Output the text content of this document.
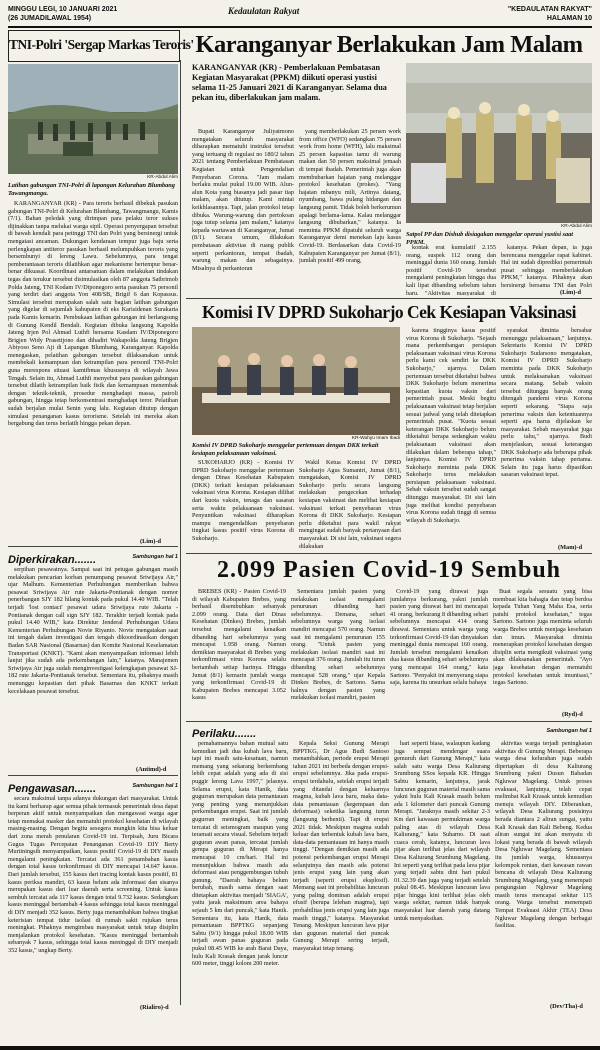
MINGGU LEGI, 10 JANUARI 2021
(26 JUMADILAWAL 1954)
Kedaulatan Rakyat	"KEDAULATAN RAKYAT"
HALAMAN 10
TNI-Polri 'Sergap Markas Teroris'
KR-Abdul Alim
Latihan gabungan TNI-Polri di lapangan Kelurahan Blumbang Tawangmangu.

KARANGANYAR (KR) - Para teroris berhasil dibekuk pasukan gabungan TNI-Polri di Kelurahan Blumbang, Tawangmangu, Kamis (7/1). Bahan peledak yang dirimpan para pelaku teror sukses dijinakkan tanpa melukai warga sipil. Operasi penyergapan tersebut di bawah kendali para petinggi TNI dan Polri yang bersinergi untuk mengatasi ancaman. Dukungan kendaraan tempur juga baju serta perlengkapan antiteror pasukan berhasil melumpuhkan teroris yang bersembunyi di lereng Lawu. Sebelumnya, para tengat pemberantasan teroris dilatihkan agar mekanisme bertempur benar-benar dikuasai. Koordinasi antarsatuan dalam melakukan tindakan tegas dan terukur tersebut disimulasikan oleh 87 anggota Satbrimob Polda Jateng, TNI Kodam IV/Diponegoro serta pasukan 75 personil yang terdiri dari anggota Yon 408/SB, Brigif 6 dan Kopassus. Simulasi tersebut merupakan salah satu bagian latihan gabungan yang digelar di sejumlah kabupaten di eks Karisidenan Surakarta pada Kamis kemarin. Pembukaan latihan gabungan ini berlangsung di Gunung Kendil Bendali. Kegiatan dibuka langsung Kapolda Jateng Irjen Pol Ahmad Luthfi bersama Kasdam IV/Diponegoro Brigjen Widy Prasetijono dan dihadiri Wakapolda Jateng Brigjen Abiyoso Seno Aji di Lapangan Blumbang, Karanganyar. Kapolda menegaskan, pelatihan gabungan tersebut dilaksanakan untuk membekali kemampuan dan ketrampilan para personil TNI-Polri guna merespons situasi kamtibmas khususnya di wilayah Jawa Tengah. Selain itu, Ahmad Luthfi menyebut para pasukan gabungan tersebut dilatih ketrampilan baik fisik dan kemampuan menembak dengan teknik-teknik, prosedur menghadapi massa, patroli gabungan, hingga tetap berkonsentrasi menghadapi teror. Pelatihan sudah berjalan mulai Senin yang lalu. Kegiatan ditutup dengan simulasi penanganan kasus terorisme. Setelah ini mereka akan bergabung dan terus berlatih hingga pekan depan.

(Lim)-d
Diperkirakan.......	Sambungan hal 1

serpihan pesawatnya. Sampai saat ini petugas gabungan masih melakukan pencarian korban penumpang pesawat Sriwijaya Air," ujar Malhum. Kementerian Perhubungan memberikan bahwa pesawat Sriwijaya Air rute Jakarta-Pontianak dengan nomor penerbangan SJY 182 hilang kontak pada pukul 14.40 WIB. "Telah terjadi 'lost contact' pesawat udara Sriwijaya rute Jakarta - Pontianak dengan call sign SJY 182. Terakhir terjadi kontak pada pukul 14.40 WIB," kata Direktur Jenderal Perhubungan Udara Kementerian Perhubungan Novie Riyanto. Novie mengatakan saat ini tengah dalam investigasi dan tengah dikoordinasikan dengan Badan SAR Nasional (Basarnas) dan Komite Nasional Keselamatan Transportasi (KNKT). "Kami akan menyampaikan informasi lebih lanjut jika sudah ada perkembangan lain," katanya. Manajemen Sriwijaya Air juga sudah menginvestigasi kelengkapan pesawat SJ-182 rute Jakarta-Pontianak tersebut. Sementara itu, pihaknya masih menunggu kepastian dari pihak Basarnas dan KNKT terkait kecelakaan pesawat tersebut.

(Antimd)-d
Pengawasan.......	Sambungan hal 1

secara maksimal tanpa adanya dukungan dari masyarakat. Untuk itu kami berharap agar semua pihak termasuk pemerintah desa dapat berperan aktif untuk menyampaikan dan mengawasi warga agar tetap memakai masker dan mematuhi protokol kesehatan di wilayah masing-masing. Dengan begitu sesegera mungkin kita bisa keluar dari zona merah penularan Covid-19 ini. Terpisah, Juru Bicara Gugus Tugas Percepatan Penanganan Covid-19 DIY Berty Murtiningsih menyampaikan, kasus positif Covid-19 di DIY masih mengalami peningkatan. Tercatat ada 361 penambahan kasus dengan total kasus terkonfirmasi di DIY mencapai 14.647 kasus. Dari jumlah tersebut, 155 kasus dari tracing kontak kasus positif, 81 kasus periksa mandiri, 63 kasus belum ada informasi dan sisanya merupakan kasus dari luar daerah serta screening. Untuk kasus sembuh tercatat ada 117 kasus dengan total 9.732 kasus. Sedangkan kasus meninggal bertambah 4 kasus sehingga total kasus meninggal di DIY menjadi 352 kasus. Berty juga menambahkan bahwa tingkat keterisian tempat tidur isolasi di rumah sakit rujukan terus meningkat. Pihaknya mengimbau masyarakat untuk tetap disiplin menjalankan protokol kesehatan. "Kasus meninggal bertambah sebanyak 7 kasus, sehingga total kasus meninggal di DIY menjadi 352 kasus," ungkap Berty.

(Rialiro)-d
Karanganyar Berlakukan Jam Malam
KARANGANYAR (KR) - Pemberlakuan Pembatasan Kegiatan Masyarakat (PPKM) diikuti operasi yustisi selama 11-25 Januari 2021 di Karanganyar. Selama dua pekan itu, diberlakukan jam malam.
KR-Abdul Alim
Satpol PP dan Dishub disiagakan menggelar operasi yustisi saat PPKM.

Bupati Karanganyar Juliyatmono mengatakan seluruh masyarakat diharapkan mematuhi instruksi tersebut yang tertuang di regulasi no 180/2 tahun 2021 tentang Pemberlakuan Pembatasan Kegiatan untuk Pengendalian Penyebaran Corona. "Jam malam berlaku mulai pukul 19.00 WIB. Alun-alun Kota yang biasanya jadi pasar tiap malam, akan ditutup. Kami mintai keikhlasannya. Tapi, jalan protokol tetap dibuka. Warung-warung dan pertokoan juga tutup selama jam malam," katanya kepada wartawan di Karanganyar, Jumat (8/1). Secara umum, dilakukan pembatasan aktivitas di ruang publik seperti perkantoran, tempat ibadah, warung makan dan sebagainya. Misalnya di perkantoran

yang memberlakukan 25 persen work from office (WFO) sedangkan 75 persen work from home (WFH), lalu maksimal 25 persen kapasitas tamu di warung makan dan 50 persen maksimal jemaah di tempat ibadah. Pemerintah juga akan membubarkan hajatan yang melanggar protokol kesehatan (prokes). "Yang hajatan mbanyu mili, Artinya datang, nyumbang, bawa pulang hidangan dan langsung pamit. Tidak boleh berkerumun apalagi berlama-lama. Kalau melanggar langsung dibubarkan," katanya. Ia meminta PPKM dipatuhi seluruh warga Karanganyar demi menekan laju kasus Covid-19. Berdasarkan data Covid-19 Kabupaten Karanganyar per Jumat (8/1), jumlah positif 499 orang,

kontak erat kumulatif 2.155 orang, suspek 112 orang dan meninggal dunia 160 orang. Jumlah positif Covid-19 tersebut mengalami peningkatan hingga dua kali lipat dibanding sebelum tahun baru. "Aktivitas masyarakat di

katanya. Pekan depan, ia juga berencana menggelar rapat kabinet. Hal ini sudah diprediksi pemerintah pusat sehingga memberlakukan PPKM," katanya. Pihaknya akan bersinergi bersama TNI dan Polri

(Lim)-d
Komisi IV DPRD Sukoharjo Cek Kesiapan Vaksinasi
KR-Wahyu Imam Ibadi
Komisi IV DPRD Sukoharjo menggelar pertemuan dengan DKK terkait kesiapan pelaksanaan vaksinasi.

SUKOHARJO (KR) - Komisi IV DPRD Sukoharjo menggelar pertemuan dengan Dinas Kesehatan Kabupaten (DKK) terkait kesiapan pelaksanaan vaksinasi virus Korona. Kesiapan dilihat dari kuota vaksin, tenaga dan sasaran serta waktu pelaksanaan vaksinasi. Penyuntikan vaksinasi diharapkan mampu mengendalikan penyebaran tingkat kasus positif virus Korona di Sukoharjo.

Wakil Ketua Komisi IV DPRD Sukoharjo Agus Sumantri, Jumat (8/1), mengatakan, Komisi IV DPRD Sukoharjo perlu secara langsung melakukan pengecekan terhadap kesiapan vaksinasi dan melihat kesiapan vaksinasi terkait penyebaran virus Korona di DKK Sukoharjo. Kesiapan perlu diketahui para wakil rakyat mengingat sudah banyak pertanyaan dari masyarakat. Di sisi lain, vaksinasi segera dilakukan

karena tingginya kasus positif virus Korona di Sukoharjo. "Sejauh mana perkembangan persiapan pelaksanaan vaksinasi virus Korona perlu kami cek sendiri ke DKK Sukoharjo," ujarnya. Dalam pertemuan tersebut diketahui bahwa DKK Sukoharjo belum menerima kepastian kuota vaksin dari pemerintah pusat. Meski begitu pelaksanaan vaksinasi tetap berjalan sesuai jadwal yang telah ditetapkan pemerintah pusat. "Kuota sesuai keterangan DKK Sukoharjo belum diketahui berapa sedangkan waktu pelaksanaan vaksinasi akan dilakukan dalam beberapa tahap," lanjutnya. Komisi IV DPRD Sukoharjo meminta pada DKK Sukoharjo terus melakukan persiapan pelaksanaan vaksinasi. Sebab vaksin tersebut sudah sangat ditunggu masyarakat. Di sisi lain juga melihat kondisi penyebaran virus Korona sudah tinggi di semua wilayah di Sukoharjo.

syarakat diminta bersabar menunggu pelaksanaan," lanjutnya. Sekretaris Komisi IV DPRD Sukoharjo Sudarsono mengatakan, Komisi IV DPRD Sukoharjo meminta pada DKK Sukoharjo untuk melaksanakan vaksinasi secara matang. Sebab vaksin tersebut ditunggu banyak orang ditengah pandemi virus Korona seperti sekarang. "Siapa saja penerima vaksin dan ketentuannya seperti apa harus dijelaskan ke masyarakat. Sebab masyarakat juga perlu tahu," ujarnya. Budi menjelaskan, sesuai keterangan DKK Sukoharjo ada beberapa pihak penerima vaksin tahap pertama. Selain itu juga harus dipastikan sasaran vaksinasi tepat.

(Mam)-d
2.099 Pasien Covid-19 Sembuh

BREBES (KR) - Pasien Covid-19 di wilayah Kabupaten Brebes, yang berhasil disembuhkan sebanyak 2.099 orang. Data dari Dinas Kesehatan (Dinkes) Brebes, jumlah tersebut mengalami kenaikan dibanding hari sebelumnya yang mencapai 1.958 orang. Namun demikian masyarakat di Brebes yang terkonfirmasi virus Korona selalu bertambah setiap harinya. Hingga Jumat (8/1) kemarin jumlah warga yang terkonfirmasi Covid-19 di Kabupaten Brebes mencapai 3.052 kasus

Sementara jumlah pasien yang melakukan isolasi mengalami penurunan dibanding hari sebelumnya. Demana, sehari sebelumnya warga yang isolasi mandiri mencapai 570 orang. Namun saat ini mengalami penurunan 155 orang. "Untuk pasien yang melakukan isolasi mandiri saat ini mencapai 376 orang. Jumlah itu turun dibanding sehari sebelumnya mencapai 528 orang," ujar Kepala Dinkes Brebes, dr Sartono. Sama halnya dengan pasien yang melakukan isolasi mandiri, pasien

Covid-19 yang dirawat juga jumlahnya berkurang, yakni jumlah pasien yang dirawat hari ini mencapai 41 orang, berkurang 8 dibanding sehari sebelumnya mencapai 414 orang dirawat. Sementara untuk warga yang terkonfirmasi Covid-19 dan dinyatakan meninggal dunia mencapai 160 orang. Jumlah tersebut mengalami kenaikan dua kasus dibanding sehari sebelumnya yang mencapai 164 orang," kata Sartono. "Penyakit ini menyerang siapa saja, karena itu unsurkan selalu bahaya

Buat segala sesuatu yang bisa membuat kita bahagia dan tetap berdoa kepada Tuhan Yang Maha Esa, serta patuhi protokol kesehatan," tegas Sartono. Sartono juga meminta seluruh warga Brebes untuk menjaga kesehatan dan imun. Masyarakat diminta menerapkan protokol kesehatan dengan disiplin serta mengikuti vaksinasi yang akan dilaksanakan pemerintah. "Ayo jaga kesehatan dengan mematuhi protokol kesehatan untuk imunisasi," tegas Sartono.

(Ryd)-d
Perilaku.......	Sambungan hal 1

pemahamannya bahan mutual satu kemudian jadi dua kubah lava baru, tapi ini masih satu-kesatuan, namun memang yang sekarang berkembang lebih cepat adalah yang ada di sisi puggir lereng Lava 1997," jelasnya. Selama erupsi, kata Hanik, data gugurran merupakan data pemantauan yang penting yang menunjukkan perkembangan erupsi. Saat ini jumlah gugurran meningkat, baik yang tercatat di seismogram maupun yang teramati secara visual. Sebelum terjadi guguran awan panas, tercatat jumlah gempa guguran di Merapi hanya mencapai 10 cm/hari. Hal ini menunjukkan bahwa masih ada deformasi atau penggembungan tubuh gunung. "Daerah bahaya belum berubah, masih sama dengan saat ditetapkan aktivitas menjadi 'SIAGA', yaitu jarak maksimum area bahaya sejauh 5 km dari puncak," kata Hanik. Sementara itu, kata Hanik, data pemantauan BPPTKG sepanjang Sabtu (9/1) hingga pukul 18.00 WIB terjadi awan panas guguran pada pukul 08.45 WIB ke arah Barat Daya, hulu Kali Krasak dengan jarak luncur 600 meter, tinggi kolom 200 meter.

Kepala Seksi Gunung Merapi BPPTKG, Dr Agus Budi Santoso menambahkan, periode erupsi Merapi tahun 2021 ini berbeda dengan erupsi-erupsi sebelumnya. Jika pada erupsi-erupsi terdahulu, setelah erupsi terjadi yang ditandai dengan keluarnya magma, kubah lava baru, maka data-data pemantauan (kegempaan dan deformasi) seketika langsung turun (langsung berhenti). Tapi di erupsi 2021 tidak. Meskipun magma sudah keluar dan terbentuk kubah lava baru, data-data pemantauan ini hanya masih tinggi. "Dengan demikian masih ada potensi perkembangan erupsi Merapi selanjutnya dan masih ada potensi jenis erupsi yang lain yang akan terjadi (seperti erupsi eksplosif). Memang saat ini probabilitas luncuran yang paling dominan adalah erupsi efusif (berupa lelehan magma), tapi probabilitas jenis erupsi yang lain juga masih tinggi," katanya. Masyarakat Tenang. Meskipun luncuran lava pijar dan guguran material dari puncak Gunung Merapi sering terjadi, masyarakat tetap tenang.

hari seperti biasa, walaupun kadang juga sempat mendengar suara gemuruh dari Gunung Merapi," kata salah satu warga Desa Kaliurang Srumbung SSos kepada KR. Hingga Sabtu kemarin, lanjutnya, jarak luncuran guguran material masih sama yakni hulu Kali Krasak masih belum ada 1 kilometer dari puncak Gunung Merapi. "Jaraknya masih sekitar 2-3 Km dari kawasan permukiman warga paling atas di wilayah Desa Kaliurang," kata Suharno. Di saat cuaca cerah, katanya, luncuran lava pijar akan terlihat jelas dari wilayah Desa Kaliurang Srumbung Magelang. Ini seperti yang terlihat pada lava pijar yang terjadi sabtu dini hari pukul 01.32.39 dan juga yang terjadi setelah pukul 08.45. Meskipun luncuran lava pijar hingga kini terlihat jelas oleh warga sekitar, namun tidak banyak masyarakat luar daerah yang datang untuk menyaksikan.

aktivitas warga terjadi peningkatan aktivitas di Gunung Merapi. Beberapa warga desa kelurahan juga sudah diperiapkan di desa Kaliurang Srumbung yakni Dusun Babadan Ngluwar Magelang. Untuk proses evakuasi, lanjutnya, telah cepat melimbat Kali Krasak untuk kemudian menuju wilayah DIY. Diberankan, wilayah Desa Kaliurang posisinya berada diantara 2 aliran sungai, yaitu Kali Krasak dan Kali Bebeng. Kedua aliran sungai ini akan menyatu di lokasi yang berada di bawah wilayah Desa Ngluwar Magelang. Sementara itu jumlah warga, khususnya kelompok rentan, dari kawasan rawan bencana di wilayah Desa Kaliurang Srumbung Magelang, yang menempati pengungsian Ngluwar Magelang masih terus mencapai sekitar 115 orang. Warga tersebut menempati Tempat Evakuasi Akhir (TEA) Desa Ngluwar Magelang dengan berbagai fasilitas.

(Dev/Tha)-d
